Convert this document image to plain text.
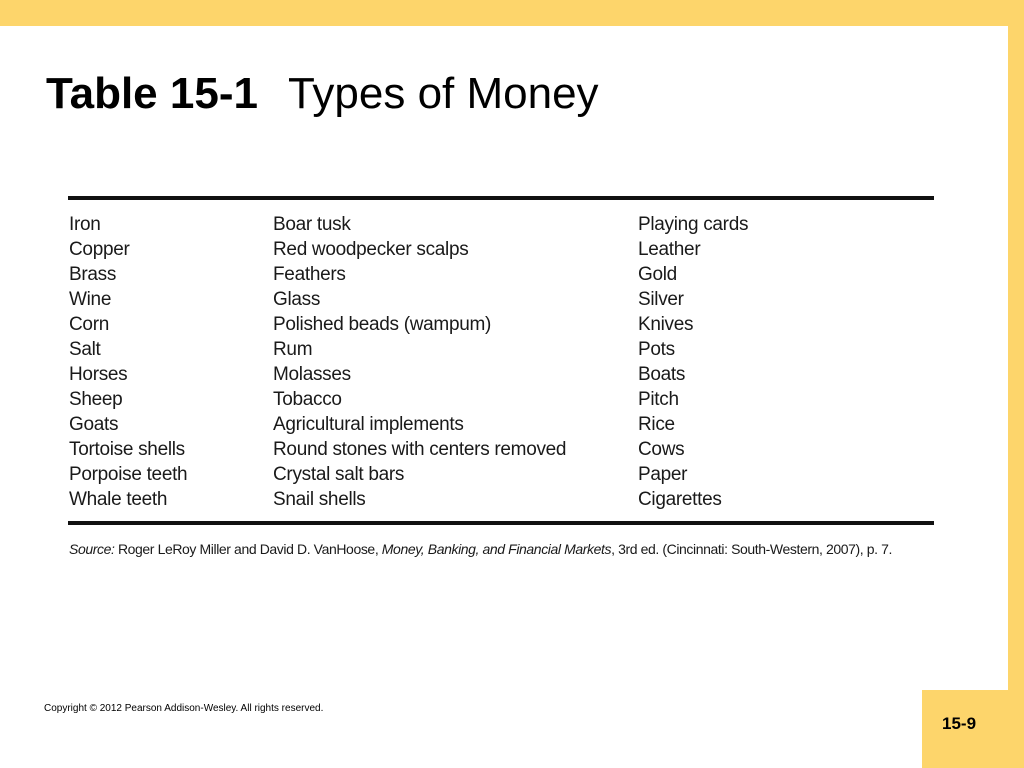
Table 15-1 Types of Money
Iron
Copper
Brass
Wine
Corn
Salt
Horses
Sheep
Goats
Tortoise shells
Porpoise teeth
Whale teeth
Boar tusk
Red woodpecker scalps
Feathers
Glass
Polished beads (wampum)
Rum
Molasses
Tobacco
Agricultural implements
Round stones with centers removed
Crystal salt bars
Snail shells
Playing cards
Leather
Gold
Silver
Knives
Pots
Boats
Pitch
Rice
Cows
Paper
Cigarettes

Source: Roger LeRoy Miller and David D. VanHoose, Money, Banking, and Financial Markets, 3rd ed. (Cincinnati: South-Western, 2007), p. 7.

Copyright © 2012 Pearson Addison-Wesley. All rights reserved.

15-9
